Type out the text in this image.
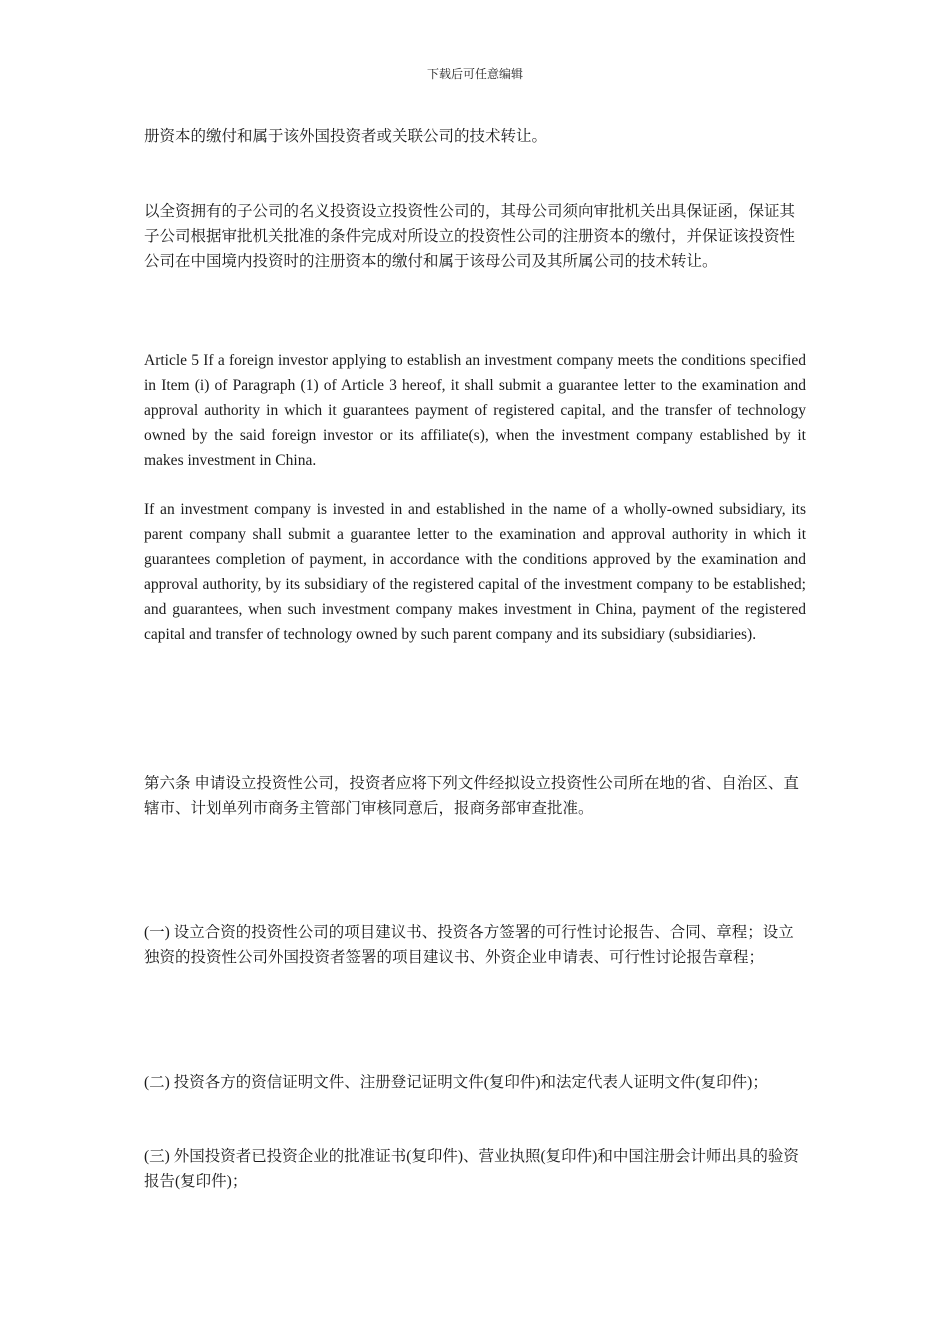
下载后可任意编辑

册资本的缴付和属于该外国投资者或关联公司的技术转让。

以全资拥有的子公司的名义投资设立投资性公司的，其母公司须向审批机关出具保证函，保证其子公司根据审批机关批准的条件完成对所设立的投资性公司的注册资本的缴付，并保证该投资性公司在中国境内投资时的注册资本的缴付和属于该母公司及其所属公司的技术转让。

Article 5 If a foreign investor applying to establish an investment company meets the conditions specified in Item (i) of Paragraph (1) of Article 3 hereof, it shall submit a guarantee letter to the examination and approval authority in which it guarantees payment of registered capital, and the transfer of technology owned by the said foreign investor or its affiliate(s), when the investment company established by it makes investment in China.

If an investment company is invested in and established in the name of a wholly-owned subsidiary, its parent company shall submit a guarantee letter to the examination and approval authority in which it guarantees completion of payment, in accordance with the conditions approved by the examination and approval authority, by its subsidiary of the registered capital of the investment company to be established; and guarantees, when such investment company makes investment in China, payment of the registered capital and transfer of technology owned by such parent company and its subsidiary (subsidiaries).

第六条 申请设立投资性公司，投资者应将下列文件经拟设立投资性公司所在地的省、自治区、直辖市、计划单列市商务主管部门审核同意后，报商务部审查批准。

(一) 设立合资的投资性公司的项目建议书、投资各方签署的可行性讨论报告、合同、章程；设立独资的投资性公司外国投资者签署的项目建议书、外资企业申请表、可行性讨论报告章程；

(二) 投资各方的资信证明文件、注册登记证明文件(复印件)和法定代表人证明文件(复印件)；

(三) 外国投资者已投资企业的批准证书(复印件)、营业执照(复印件)和中国注册会计师出具的验资报告(复印件)；
